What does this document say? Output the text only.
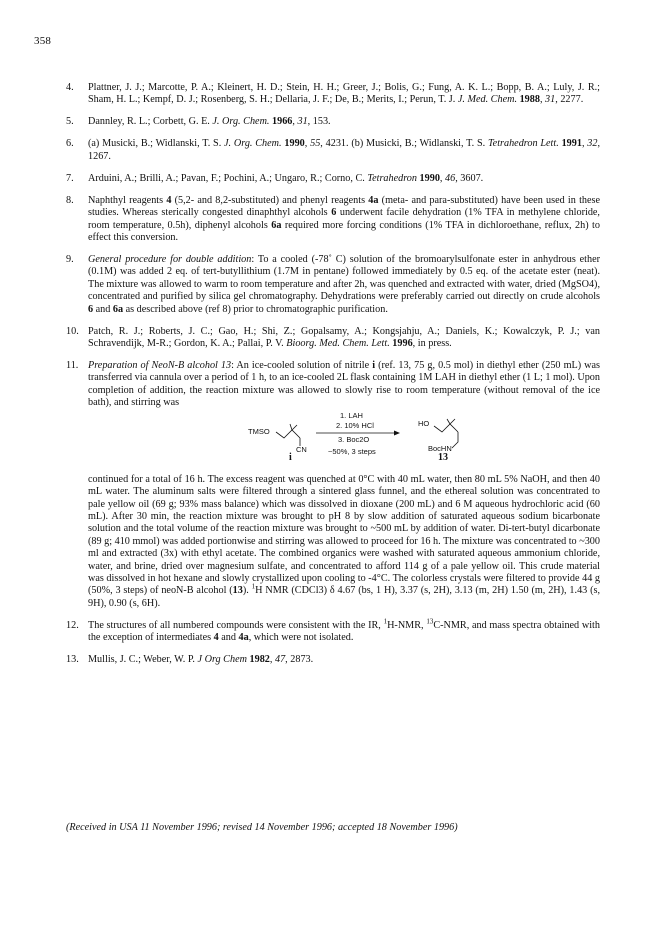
358
4. Plattner, J. J.; Marcotte, P. A.; Kleinert, H. D.; Stein, H. H.; Greer, J.; Bolis, G.; Fung, A. K. L.; Bopp, B. A.; Luly, J. R.; Sham, H. L.; Kempf, D. J.; Rosenberg, S. H.; Dellaria, J. F.; De, B.; Merits, I.; Perun, T. J. J. Med. Chem. 1988, 31, 2277.
5. Dannley, R. L.; Corbett, G. E. J. Org. Chem. 1966, 31, 153.
6. (a) Musicki, B.; Widlanski, T. S. J. Org. Chem. 1990, 55, 4231. (b) Musicki, B.; Widlanski, T. S. Tetrahedron Lett. 1991, 32, 1267.
7. Arduini, A.; Brilli, A.; Pavan, F.; Pochini, A.; Ungaro, R.; Corno, C. Tetrahedron 1990, 46, 3607.
8. Naphthyl reagents 4 (5,2- and 8,2-substituted) and phenyl reagents 4a (meta- and para-substituted) have been used in these studies. Whereas sterically congested dinaphthyl alcohols 6 underwent facile dehydration (1% TFA in methylene chloride, room temperature, 0.5h), diphenyl alcohols 6a required more forcing conditions (1% TFA in dichloroethane, reflux, 2h) to effect this conversion.
9. General procedure for double addition: To a cooled (-78˚ C) solution of the bromoarylsulfonate ester in anhydrous ether (0.1M) was added 2 eq. of tert-butyllithium (1.7M in pentane) followed immediately by 0.5 eq. of the acetate ester (neat). The mixture was allowed to warm to room temperature and after 2h, was quenched and extracted with water, dried (MgSO4), concentrated and purified by silica gel chromatography. Dehydrations were preferably carried out directly on crude alcohols 6 and 6a as described above (ref 8) prior to chromatographic purification.
10. Patch, R. J.; Roberts, J. C.; Gao, H.; Shi, Z.; Gopalsamy, A.; Kongsjahju, A.; Daniels, K.; Kowalczyk, P. J.; van Schravendijk, M-R.; Gordon, K. A.; Pallai, P. V. Bioorg. Med. Chem. Lett. 1996, in press.
11. Preparation of NeoN-B alcohol 13: An ice-cooled solution of nitrile i (ref. 13, 75 g, 0.5 mol) in diethyl ether (250 mL) was transferred via cannula over a period of 1 h, to an ice-cooled 2L flask containing 1M LAH in diethyl ether (1 L; 1 mol). Upon completion of addition, the reaction mixture was allowed to slowly rise to room temperature (without removal of the ice bath), and stirring was
TMSO
CN
i
1. LAH
2. 10% HCl
3. Boc2O
~50%, 3 steps
HO
BocHN
13
continued for a total of 16 h. The excess reagent was quenched at 0°C with 40 mL water, then 80 mL 5% NaOH, and then 40 mL water. The aluminum salts were filtered through a sintered glass funnel, and the ethereal solution was concentrated to pale yellow oil (69 g; 93% mass balance) which was dissolved in dioxane (200 mL) and 6 M aqueous hydrochloric acid (60 mL). After 30 min, the reaction mixture was brought to pH 8 by slow addition of saturated aqueous sodium bicarbonate solution and the total volume of the reaction mixture was brought to ~500 mL by addition of water. Di-tert-butyl dicarbonate (89 g; 410 mmol) was added portionwise and stirring was allowed to proceed for 16 h. The mixture was concentrated to ~300 ml and extracted (3x) with ethyl acetate. The combined organics were washed with saturated aqueous ammonium chloride, water, and brine, dried over magnesium sulfate, and concentrated to afford 114 g of a pale yellow oil. This crude material was dissolved in hot hexane and slowly crystallized upon cooling to -4°C. The colorless crystals were filtered to provide 44 g (50%, 3 steps) of neoN-B alcohol (13). $^1$H NMR (CDCl3) δ 4.67 (bs, 1 H), 3.37 (s, 2H), 3.13 (m, 2H) 1.50 (m, 2H), 1.43 (s, 9H), 0.90 (s, 6H).
12. The structures of all numbered compounds were consistent with the IR, $^1$H-NMR, $^{13}$C-NMR, and mass spectra obtained with the exception of intermediates 4 and 4a, which were not isolated.
13. Mullis, J. C.; Weber, W. P. J Org Chem 1982, 47, 2873.
(Received in USA 11 November 1996; revised 14 November 1996; accepted 18 November 1996)
